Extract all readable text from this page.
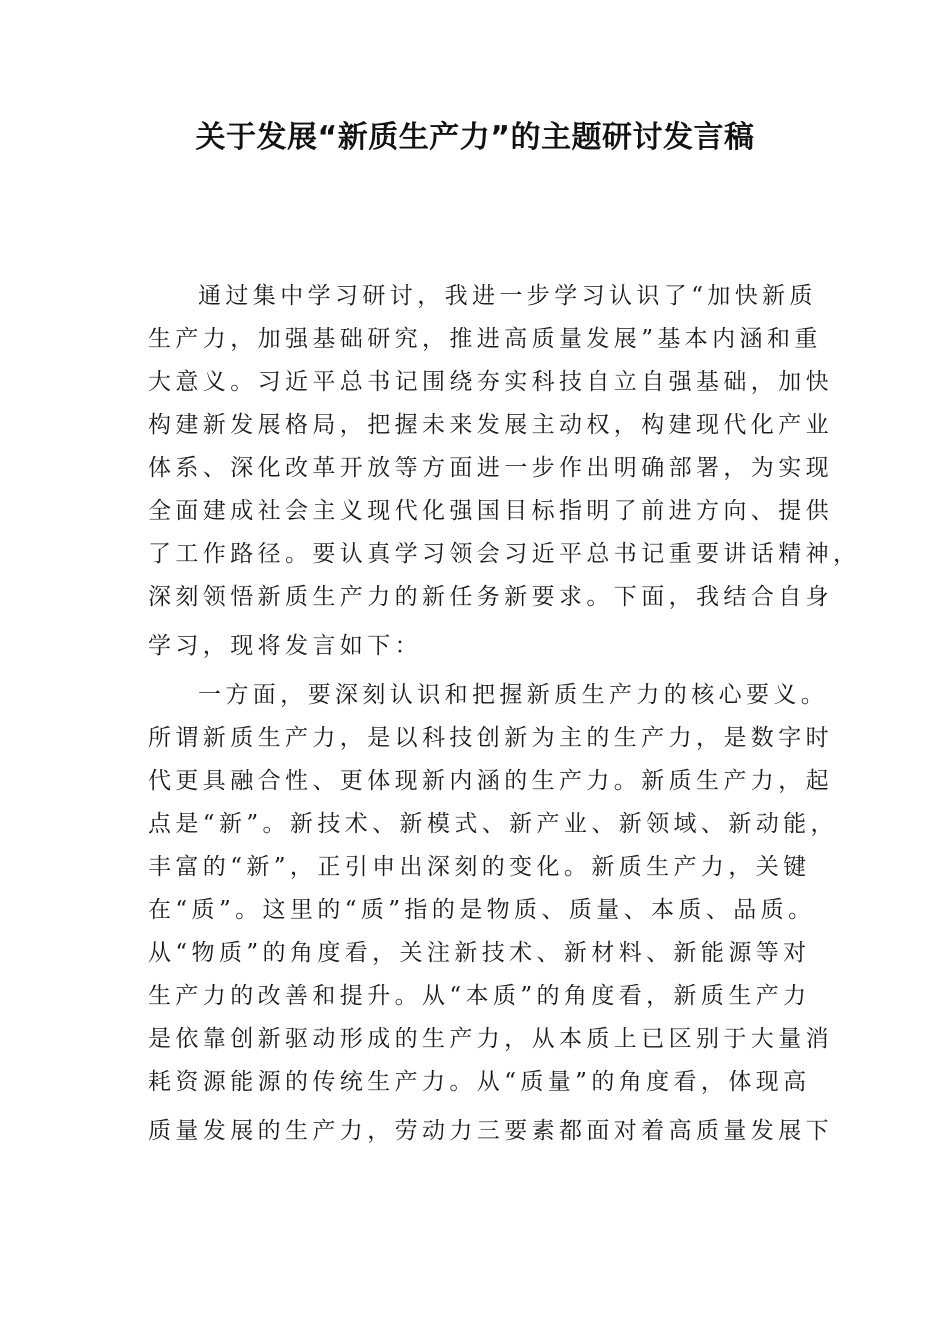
关于发展“新质生产力”的主题研讨发言稿
通过集中学习研讨，我进一步学习认识了“加快新质
生产力，加强基础研究，推进高质量发展”基本内涵和重
大意义。习近平总书记围绕夯实科技自立自强基础，加快
构建新发展格局，把握未来发展主动权，构建现代化产业
体系、深化改革开放等方面进一步作出明确部署，为实现
全面建成社会主义现代化强国目标指明了前进方向、提供
了工作路径。要认真学习领会习近平总书记重要讲话精神，
深刻领悟新质生产力的新任务新要求。下面，我结合自身
学习，现将发言如下：
一方面，要深刻认识和把握新质生产力的核心要义。
所谓新质生产力，是以科技创新为主的生产力，是数字时
代更具融合性、更体现新内涵的生产力。新质生产力，起
点是“新”。新技术、新模式、新产业、新领域、新动能，
丰富的“新”，正引申出深刻的变化。新质生产力，关键
在“质”。这里的“质”指的是物质、质量、本质、品质。
从“物质”的角度看，关注新技术、新材料、新能源等对
生产力的改善和提升。从“本质”的角度看，新质生产力
是依靠创新驱动形成的生产力，从本质上已区别于大量消
耗资源能源的传统生产力。从“质量”的角度看，体现高
质量发展的生产力，劳动力三要素都面对着高质量发展下
